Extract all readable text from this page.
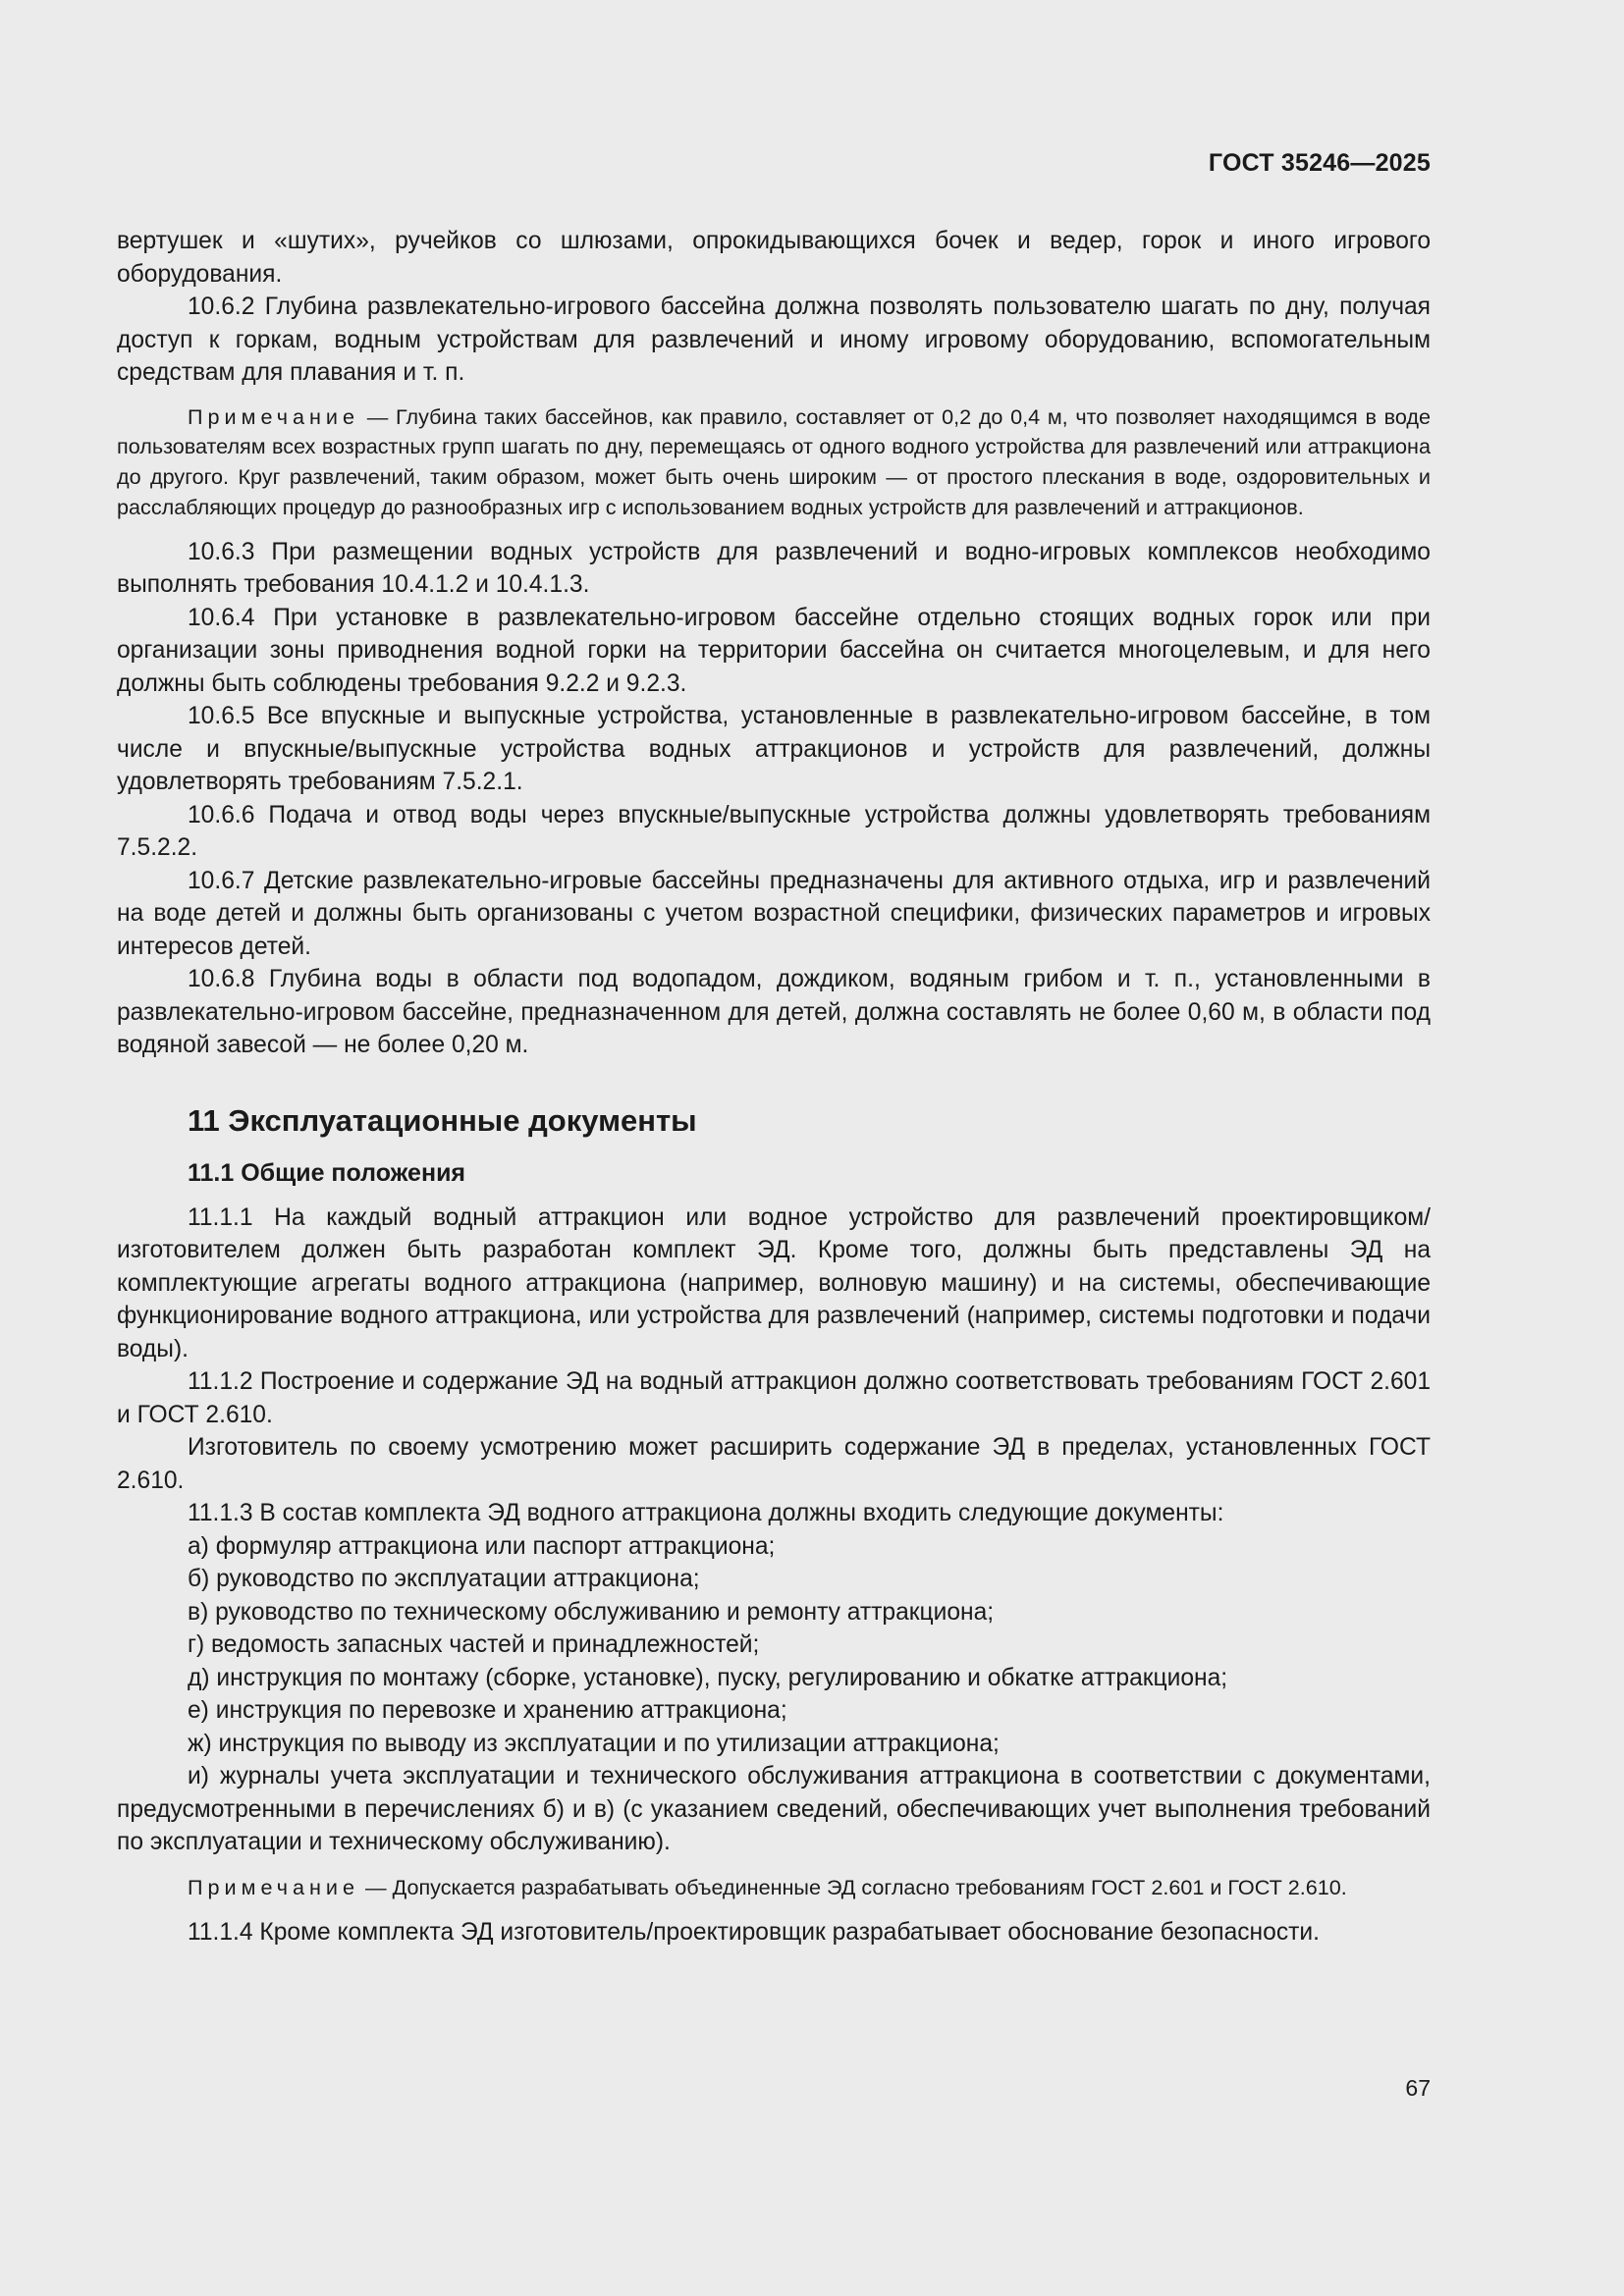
ГОСТ 35246—2025

вертушек и «шутих», ручейков со шлюзами, опрокидывающихся бочек и ведер, горок и иного игрового оборудования.

10.6.2 Глубина развлекательно-игрового бассейна должна позволять пользователю шагать по дну, получая доступ к горкам, водным устройствам для развлечений и иному игровому оборудованию, вспомогательным средствам для плавания и т. п.

Примечание — Глубина таких бассейнов, как правило, составляет от 0,2 до 0,4 м, что позволяет находящимся в воде пользователям всех возрастных групп шагать по дну, перемещаясь от одного водного устройства для развлечений или аттракциона до другого. Круг развлечений, таким образом, может быть очень широким — от простого плескания в воде, оздоровительных и расслабляющих процедур до разнообразных игр с использованием водных устройств для развлечений и аттракционов.

10.6.3 При размещении водных устройств для развлечений и водно-игровых комплексов необходимо выполнять требования 10.4.1.2 и 10.4.1.3.

10.6.4 При установке в развлекательно-игровом бассейне отдельно стоящих водных горок или при организации зоны приводнения водной горки на территории бассейна он считается многоцелевым, и для него должны быть соблюдены требования 9.2.2 и 9.2.3.

10.6.5 Все впускные и выпускные устройства, установленные в развлекательно-игровом бассейне, в том числе и впускные/выпускные устройства водных аттракционов и устройств для развлечений, должны удовлетворять требованиям 7.5.2.1.

10.6.6 Подача и отвод воды через впускные/выпускные устройства должны удовлетворять требованиям 7.5.2.2.

10.6.7 Детские развлекательно-игровые бассейны предназначены для активного отдыха, игр и развлечений на воде детей и должны быть организованы с учетом возрастной специфики, физических параметров и игровых интересов детей.

10.6.8 Глубина воды в области под водопадом, дождиком, водяным грибом и т. п., установленными в развлекательно-игровом бассейне, предназначенном для детей, должна составлять не более 0,60 м, в области под водяной завесой — не более 0,20 м.

11 Эксплуатационные документы
11.1 Общие положения

11.1.1 На каждый водный аттракцион или водное устройство для развлечений проектировщиком/изготовителем должен быть разработан комплект ЭД. Кроме того, должны быть представлены ЭД на комплектующие агрегаты водного аттракциона (например, волновую машину) и на системы, обеспечивающие функционирование водного аттракциона, или устройства для развлечений (например, системы подготовки и подачи воды).

11.1.2 Построение и содержание ЭД на водный аттракцион должно соответствовать требованиям ГОСТ 2.601 и ГОСТ 2.610.

Изготовитель по своему усмотрению может расширить содержание ЭД в пределах, установленных ГОСТ 2.610.

11.1.3 В состав комплекта ЭД водного аттракциона должны входить следующие документы:

а) формуляр аттракциона или паспорт аттракциона;

б) руководство по эксплуатации аттракциона;

в) руководство по техническому обслуживанию и ремонту аттракциона;

г) ведомость запасных частей и принадлежностей;

д) инструкция по монтажу (сборке, установке), пуску, регулированию и обкатке аттракциона;

е) инструкция по перевозке и хранению аттракциона;

ж) инструкция по выводу из эксплуатации и по утилизации аттракциона;

и) журналы учета эксплуатации и технического обслуживания аттракциона в соответствии с документами, предусмотренными в перечислениях б) и в) (с указанием сведений, обеспечивающих учет выполнения требований по эксплуатации и техническому обслуживанию).

Примечание — Допускается разрабатывать объединенные ЭД согласно требованиям ГОСТ 2.601 и ГОСТ 2.610.

11.1.4 Кроме комплекта ЭД изготовитель/проектировщик разрабатывает обоснование безопасности.

67
